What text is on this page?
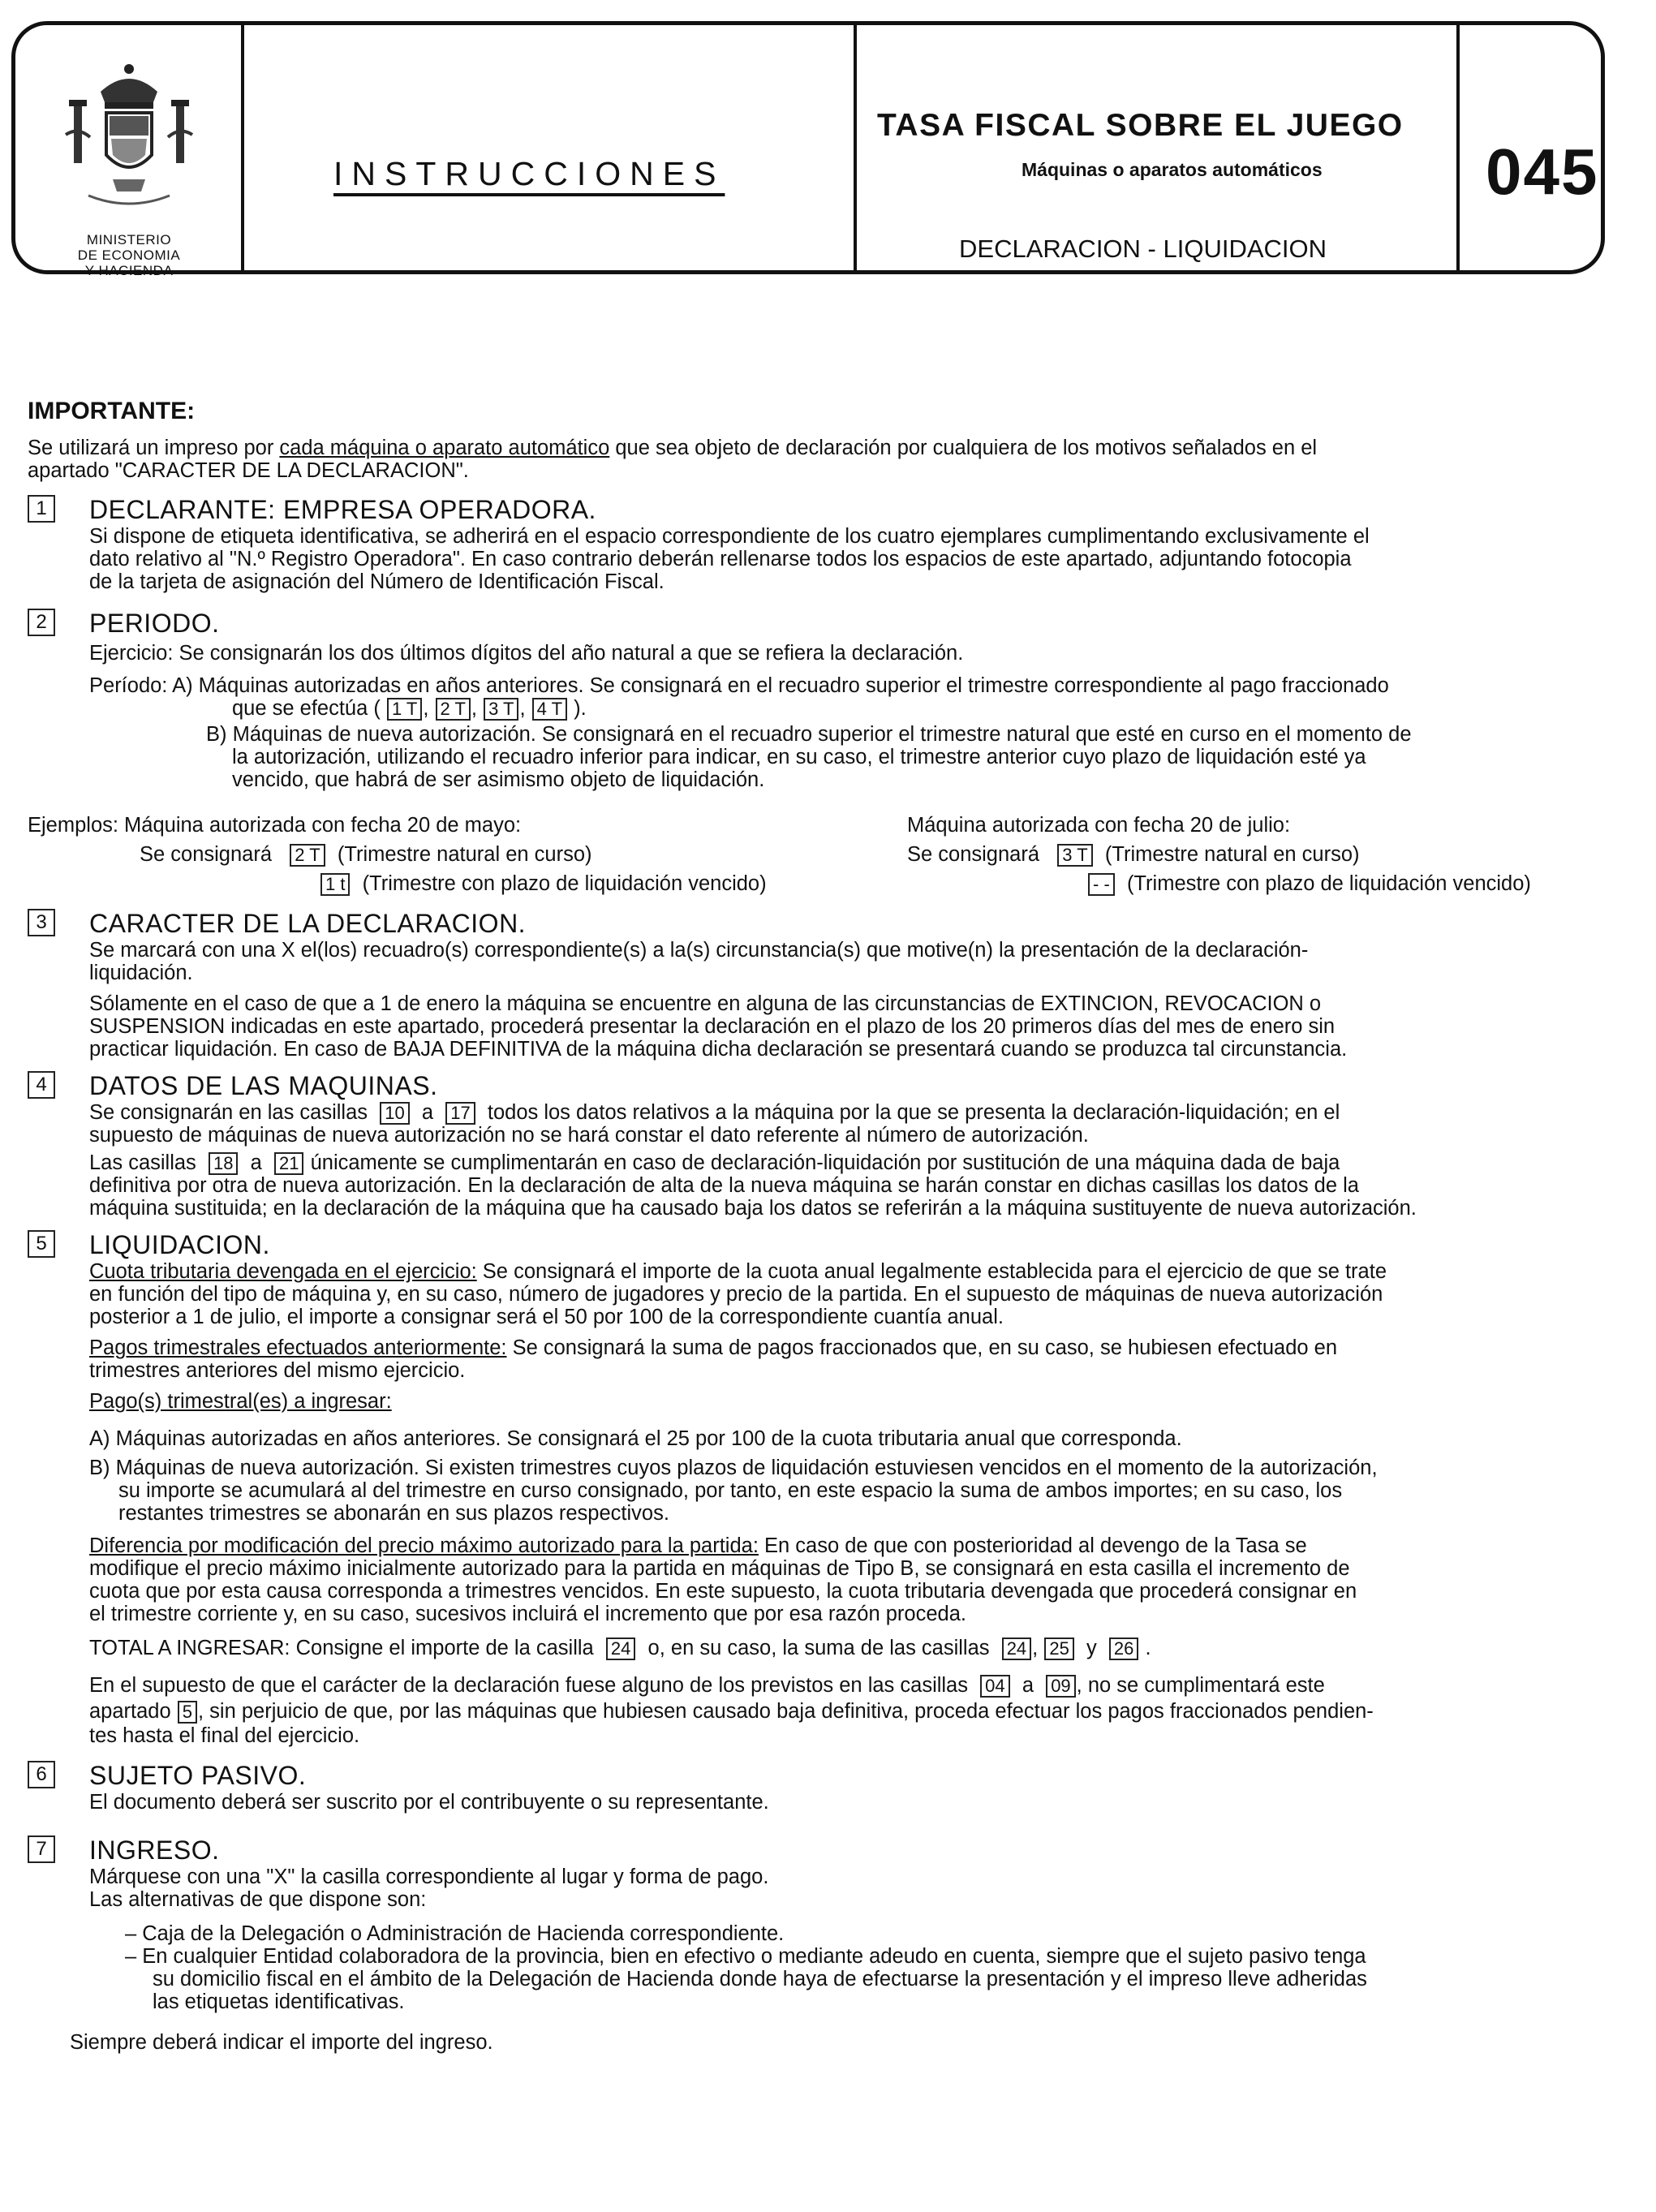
MINISTERIO
DE ECONOMIA
Y HACIENDA
INSTRUCCIONES
TASA FISCAL SOBRE EL JUEGO
Máquinas o aparatos automáticos
DECLARACION - LIQUIDACION
045
IMPORTANTE:
Se utilizará un impreso por cada máquina o aparato automático que sea objeto de declaración por cualquiera de los motivos señalados en el
apartado "CARACTER DE LA DECLARACION".
1	DECLARANTE: EMPRESA OPERADORA.
Si dispone de etiqueta identificativa, se adherirá en el espacio correspondiente de los cuatro ejemplares cumplimentando exclusivamente el
dato relativo al "N.º Registro Operadora". En caso contrario deberán rellenarse todos los espacios de este apartado, adjuntando fotocopia
de la tarjeta de asignación del Número de Identificación Fiscal.
2	PERIODO.
Ejercicio: Se consignarán los dos últimos dígitos del año natural a que se refiera la declaración.
Período: A) Máquinas autorizadas en años anteriores. Se consignará en el recuadro superior el trimestre correspondiente al pago fraccionado
que se efectúa ( 1 T , 2 T , 3 T , 4 T ).
B) Máquinas de nueva autorización. Se consignará en el recuadro superior el trimestre natural que esté en curso en el momento de
la autorización, utilizando el recuadro inferior para indicar, en su caso, el trimestre anterior cuyo plazo de liquidación esté ya
vencido, que habrá de ser asimismo objeto de liquidación.
Ejemplos: Máquina autorizada con fecha 20 de mayo:	Máquina autorizada con fecha 20 de julio:
Se consignará 2 T (Trimestre natural en curso)
1 t (Trimestre con plazo de liquidación vencido)
Se consignará 3 T (Trimestre natural en curso)
- - (Trimestre con plazo de liquidación vencido)
3	CARACTER DE LA DECLARACION.
Se marcará con una X el(los) recuadro(s) correspondiente(s) a la(s) circunstancia(s) que motive(n) la presentación de la declaración-
liquidación.
Sólamente en el caso de que a 1 de enero la máquina se encuentre en alguna de las circunstancias de EXTINCION, REVOCACION o
SUSPENSION indicadas en este apartado, procederá presentar la declaración en el plazo de los 20 primeros días del mes de enero sin
practicar liquidación. En caso de BAJA DEFINITIVA de la máquina dicha declaración se presentará cuando se produzca tal circunstancia.
4	DATOS DE LAS MAQUINAS.
Se consignarán en las casillas 10 a 17 todos los datos relativos a la máquina por la que se presenta la declaración-liquidación; en el
supuesto de máquinas de nueva autorización no se hará constar el dato referente al número de autorización.
Las casillas 18 a 21 únicamente se cumplimentarán en caso de declaración-liquidación por sustitución de una máquina dada de baja
definitiva por otra de nueva autorización. En la declaración de alta de la nueva máquina se harán constar en dichas casillas los datos de la
máquina sustituida; en la declaración de la máquina que ha causado baja los datos se referirán a la máquina sustituyente de nueva autorización.
5	LIQUIDACION.
Cuota tributaria devengada en el ejercicio: Se consignará el importe de la cuota anual legalmente establecida para el ejercicio de que se trate
en función del tipo de máquina y, en su caso, número de jugadores y precio de la partida. En el supuesto de máquinas de nueva autorización
posterior a 1 de julio, el importe a consignar será el 50 por 100 de la correspondiente cuantía anual.
Pagos trimestrales efectuados anteriormente: Se consignará la suma de pagos fraccionados que, en su caso, se hubiesen efectuado en
trimestres anteriores del mismo ejercicio.
Pago(s) trimestral(es) a ingresar:
A) Máquinas autorizadas en años anteriores. Se consignará el 25 por 100 de la cuota tributaria anual que corresponda.
B) Máquinas de nueva autorización. Si existen trimestres cuyos plazos de liquidación estuviesen vencidos en el momento de la autorización,
su importe se acumulará al del trimestre en curso consignado, por tanto, en este espacio la suma de ambos importes; en su caso, los
restantes trimestres se abonarán en sus plazos respectivos.
Diferencia por modificación del precio máximo autorizado para la partida: En caso de que con posterioridad al devengo de la Tasa se
modifique el precio máximo inicialmente autorizado para la partida en máquinas de Tipo B, se consignará en esta casilla el incremento de
cuota que por esta causa corresponda a trimestres vencidos. En este supuesto, la cuota tributaria devengada que procederá consignar en
el trimestre corriente y, en su caso, sucesivos incluirá el incremento que por esa razón proceda.
TOTAL A INGRESAR: Consigne el importe de la casilla 24 o, en su caso, la suma de las casillas 24 , 25 y 26 .
En el supuesto de que el carácter de la declaración fuese alguno de los previstos en las casillas 04 a 09 , no se cumplimentará este
apartado 5 , sin perjuicio de que, por las máquinas que hubiesen causado baja definitiva, proceda efectuar los pagos fraccionados pendien-
tes hasta el final del ejercicio.
6	SUJETO PASIVO.
El documento deberá ser suscrito por el contribuyente o su representante.
7	INGRESO.
Márquese con una "X" la casilla correspondiente al lugar y forma de pago.
Las alternativas de que dispone son:
– Caja de la Delegación o Administración de Hacienda correspondiente.
– En cualquier Entidad colaboradora de la provincia, bien en efectivo o mediante adeudo en cuenta, siempre que el sujeto pasivo tenga
su domicilio fiscal en el ámbito de la Delegación de Hacienda donde haya de efectuarse la presentación y el impreso lleve adheridas
las etiquetas identificativas.
Siempre deberá indicar el importe del ingreso.
